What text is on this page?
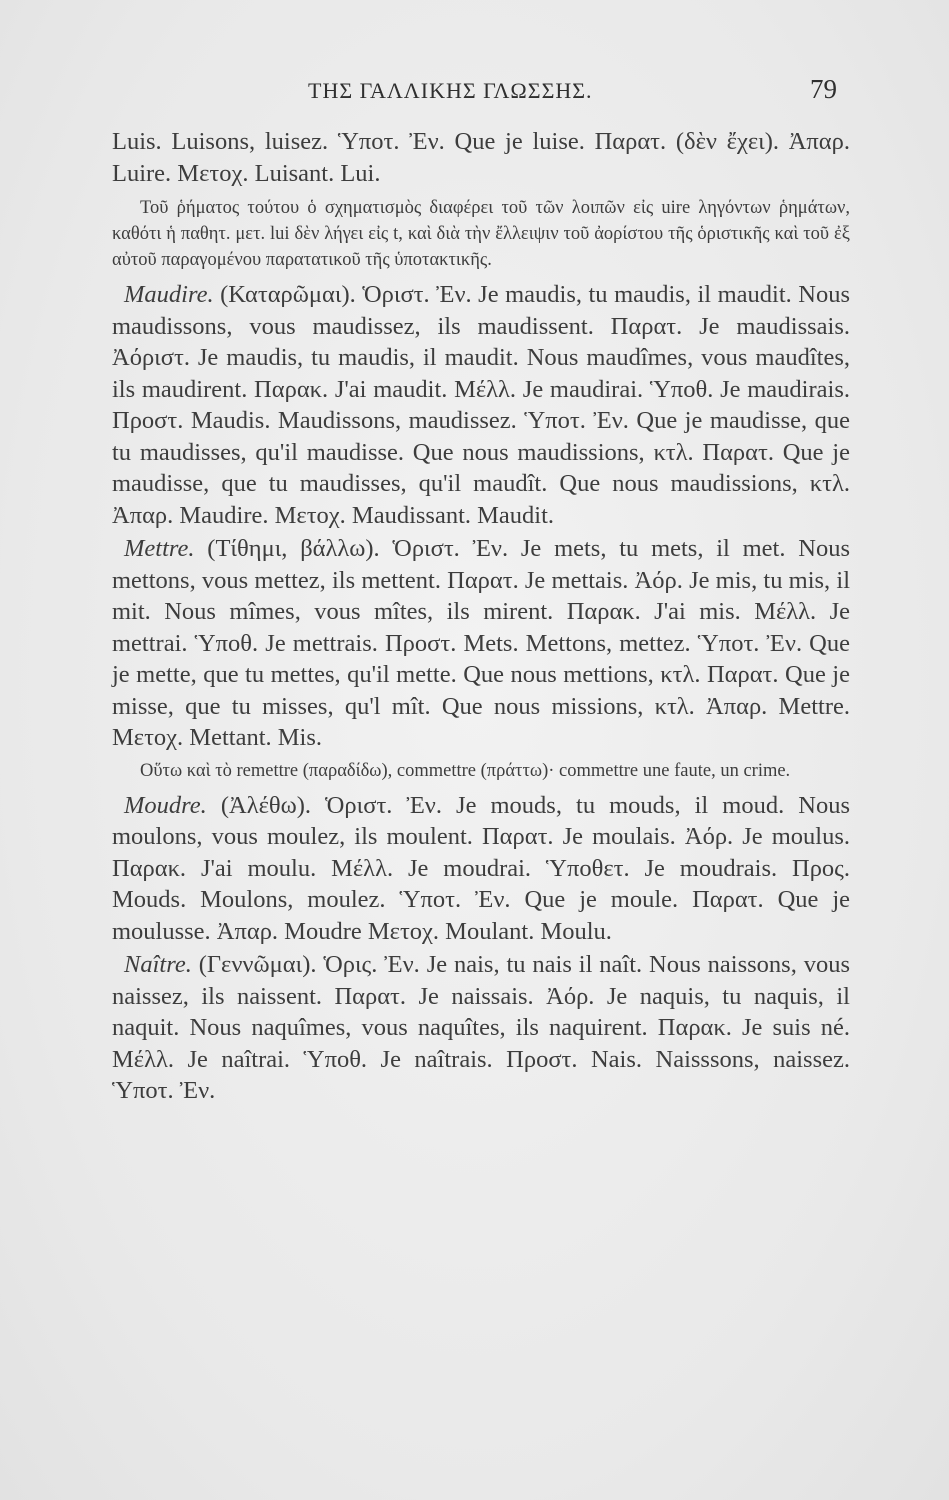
ΤΗΣ ΓΑΛΛΙΚΗΣ ΓΛΩΣΣΗΣ.	79

Luis. Luisons, luisez. Ὑποτ. Ἐν. Que je luise. Παρατ. (δὲν ἔχει). Ἀπαρ. Luire. Μετοχ. Luisant. Lui.

Τοῦ ῥήματος τούτου ὁ σχηματισμὸς διαφέρει τοῦ τῶν λοιπῶν εἰς uire ληγόντων ῥημάτων, καθότι ἡ παθητ. μετ. lui δὲν λήγει εἰς t, καὶ διὰ τὴν ἔλλειψιν τοῦ ἀορίστου τῆς ὁριστικῆς καὶ τοῦ ἐξ αὐτοῦ παραγομένου παρατατικοῦ τῆς ὑποτακτικῆς.

Maudire. (Καταρῶμαι). Ὁριστ. Ἐν. Je maudis, tu maudis, il maudit. Nous maudissons, vous maudissez, ils maudissent. Παρατ. Je maudissais. Ἀόριστ. Je maudis, tu maudis, il maudit. Nous maudîmes, vous maudîtes, ils maudirent. Παρακ. J'ai maudit. Μέλλ. Je maudirai. Ὑποθ. Je maudirais. Προστ. Maudis. Maudissons, maudissez. Ὑποτ. Ἐν. Que je maudisse, que tu maudisses, qu'il maudisse. Que nous maudissions, κτλ. Παρατ. Que je maudisse, que tu maudisses, qu'il maudît. Que nous maudissions, κτλ. Ἀπαρ. Maudire. Μετοχ. Maudissant. Maudit.

Mettre. (Τίθημι, βάλλω). Ὁριστ. Ἐν. Je mets, tu mets, il met. Nous mettons, vous mettez, ils mettent. Παρατ. Je mettais. Ἀόρ. Je mis, tu mis, il mit. Nous mîmes, vous mîtes, ils mirent. Παρακ. J'ai mis. Μέλλ. Je mettrai. Ὑποθ. Je mettrais. Προστ. Mets. Mettons, mettez. Ὑποτ. Ἐν. Que je mette, que tu mettes, qu'il mette. Que nous mettions, κτλ. Παρατ. Que je misse, que tu misses, qu'l mît. Que nous missions, κτλ. Ἀπαρ. Mettre. Μετοχ. Mettant. Mis.

Οὕτω καὶ τὸ remettre (παραδίδω), commettre (πράττω)· commettre une faute, un crime.

Moudre. (Ἀλέθω). Ὁριστ. Ἐν. Je mouds, tu mouds, il moud. Nous moulons, vous moulez, ils moulent. Παρατ. Je moulais. Ἀόρ. Je moulus. Παρακ. J'ai moulu. Μέλλ. Je moudrai. Ὑποθετ. Je moudrais. Προς. Mouds. Moulons, moulez. Ὑποτ. Ἐν. Que je moule. Παρατ. Que je moulusse. Ἀπαρ. Moudre Μετοχ. Moulant. Moulu.

Naître. (Γεννῶμαι). Ὁρις. Ἐν. Je nais, tu nais il naît. Nous naissons, vous naissez, ils naissent. Παρατ. Je naissais. Ἀόρ. Je naquis, tu naquis, il naquit. Nous naquîmes, vous naquîtes, ils naquirent. Παρακ. Je suis né. Μέλλ. Je naîtrai. Ὑποθ. Je naîtrais. Προστ. Nais. Naisssons, naissez. Ὑποτ. Ἐν.
